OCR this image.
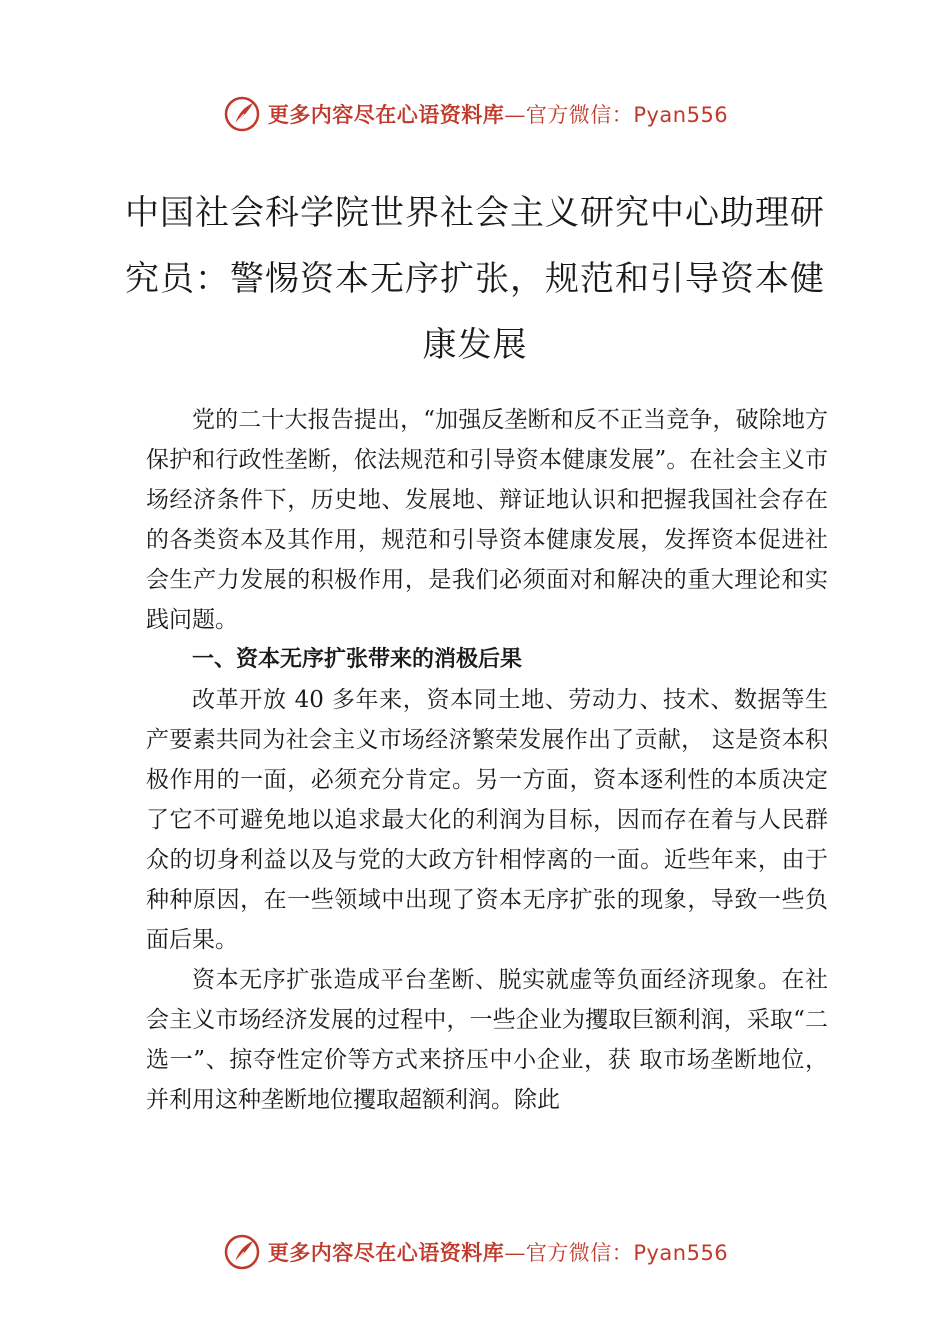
更多内容尽在心语资料库—官方微信：Pyan556
中国社会科学院世界社会主义研究中心助理研究员：警惕资本无序扩张，规范和引导资本健康发展

党的二十大报告提出，“加强反垄断和反不正当竞争，破除地方保护和行政性垄断，依法规范和引导资本健康发展”。在社会主义市场经济条件下，历史地、发展地、辩证地认识和把握我国社会存在的各类资本及其作用，规范和引导资本健康发展，发挥资本促进社会生产力发展的积极作用，是我们必须面对和解决的重大理论和实践问题。

一、资本无序扩张带来的消极后果

改革开放 40 多年来，资本同土地、劳动力、技术、数据等生产要素共同为社会主义市场经济繁荣发展作出了贡献， 这是资本积极作用的一面，必须充分肯定。另一方面，资本逐利性的本质决定了它不可避免地以追求最大化的利润为目标，因而存在着与人民群众的切身利益以及与党的大政方针相悖离的一面。近些年来，由于种种原因，在一些领域中出现了资本无序扩张的现象，导致一些负面后果。

资本无序扩张造成平台垄断、脱实就虚等负面经济现象。在社会主义市场经济发展的过程中，一些企业为攫取巨额利润，采取“二选一”、掠夺性定价等方式来挤压中小企业，获 取市场垄断地位，并利用这种垄断地位攫取超额利润。除此

更多内容尽在心语资料库—官方微信：Pyan556
